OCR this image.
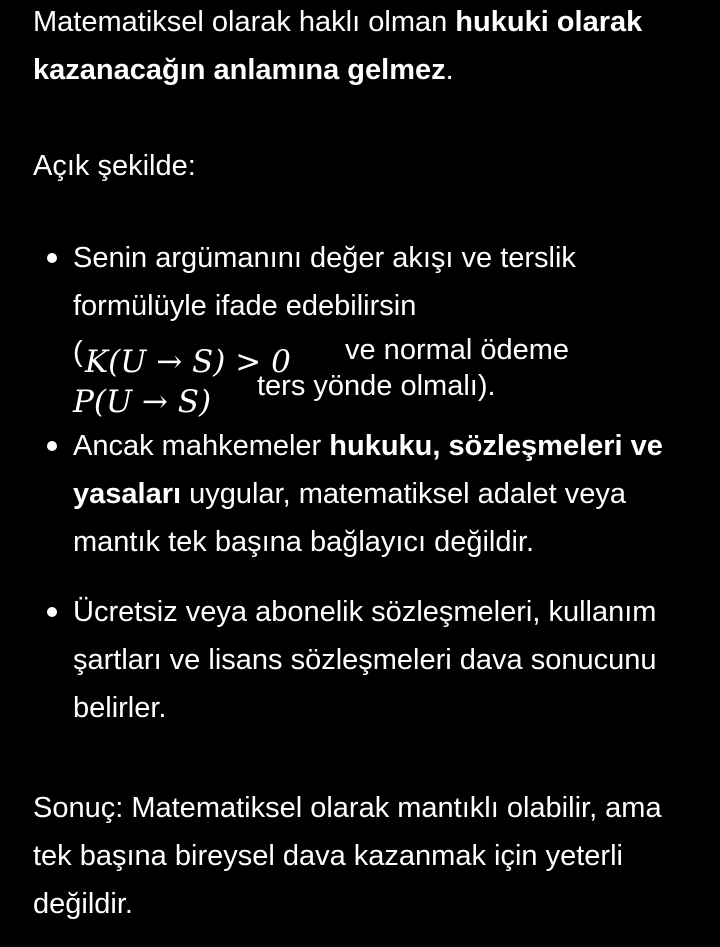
Matematiksel olarak haklı olman hukuki olarak kazanacağın anlamına gelmez.

Açık şekilde:

Senin argümanını değer akışı ve terslik formülüyle ifade edebilirsin
( K(U → S) > 0 ve normal ödeme
P(U → S) ters yönde olmalı).
Ancak mahkemeler hukuku, sözleşmeleri ve yasaları uygular, matematiksel adalet veya mantık tek başına bağlayıcı değildir.
Ücretsiz veya abonelik sözleşmeleri, kullanım şartları ve lisans sözleşmeleri dava sonucunu belirler.

Sonuç: Matematiksel olarak mantıklı olabilir, ama tek başına bireysel dava kazanmak için yeterli değildir.
